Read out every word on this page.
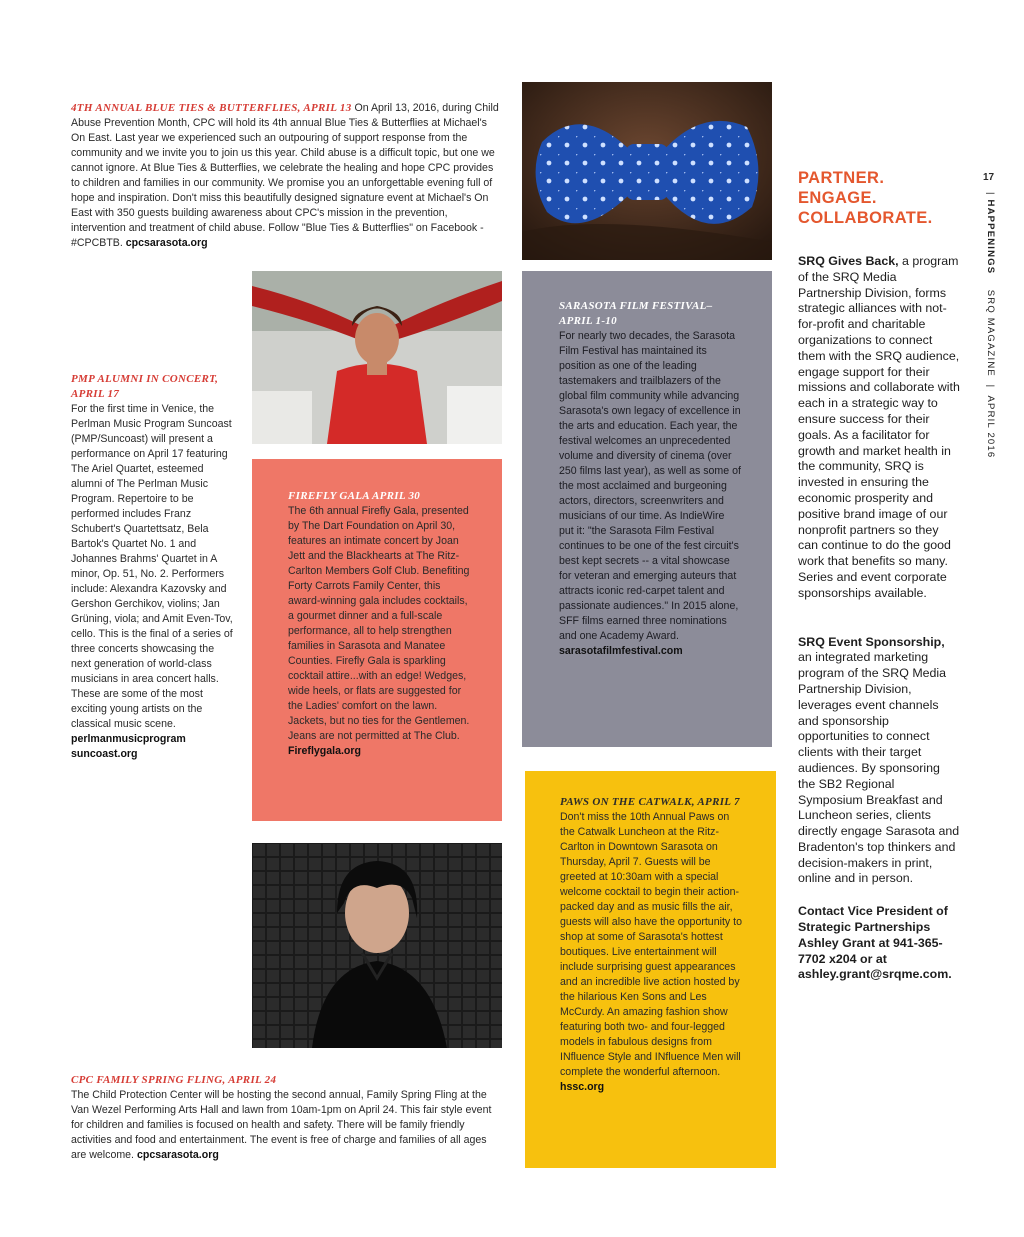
4TH ANNUAL BLUE TIES & BUTTERFLIES, APRIL 13 On April 13, 2016, during Child Abuse Prevention Month, CPC will hold its 4th annual Blue Ties & Butterflies at Michael's On East. Last year we experienced such an outpouring of support response from the community and we invite you to join us this year. Child abuse is a difficult topic, but one we cannot ignore. At Blue Ties & Butterflies, we celebrate the healing and hope CPC provides to children and families in our community. We promise you an unforgettable evening full of hope and inspiration. Don't miss this beautifully designed signature event at Michael's On East with 350 guests building awareness about CPC's mission in the prevention, intervention and treatment of child abuse. Follow "Blue Ties & Butterflies" on Facebook - #CPCBTB. cpcsarasota.org
PMP ALUMNI IN CONCERT, APRIL 17
For the first time in Venice, the Perlman Music Program Suncoast (PMP/Suncoast) will present a performance on April 17 featuring The Ariel Quartet, esteemed alumni of The Perlman Music Program. Repertoire to be performed includes Franz Schubert's Quartettsatz, Bela Bartok's Quartet No. 1 and Johannes Brahms' Quartet in A minor, Op. 51, No. 2. Performers include: Alexandra Kazovsky and Gershon Gerchikov, violins; Jan Grüning, viola; and Amit Even-Tov, cello. This is the final of a series of three concerts showcasing the next generation of world-class musicians in area concert halls. These are some of the most exciting young artists on the classical music scene.
perlmanmusicprogram suncoast.org
FIREFLY GALA APRIL 30
The 6th annual Firefly Gala, presented by The Dart Foundation on April 30, features an intimate concert by Joan Jett and the Blackhearts at The Ritz-Carlton Members Golf Club. Benefiting Forty Carrots Family Center, this award-winning gala includes cocktails, a gourmet dinner and a full-scale performance, all to help strengthen families in Sarasota and Manatee Counties. Firefly Gala is sparkling cocktail attire...with an edge! Wedges, wide heels, or flats are suggested for the Ladies' comfort on the lawn. Jackets, but no ties for the Gentlemen. Jeans are not permitted at The Club. Fireflygala.org
SARASOTA FILM FESTIVAL–APRIL 1-10
For nearly two decades, the Sarasota Film Festival has maintained its position as one of the leading tastemakers and trailblazers of the global film community while advancing Sarasota's own legacy of excellence in the arts and education. Each year, the festival welcomes an unprecedented volume and diversity of cinema (over 250 films last year), as well as some of the most acclaimed and burgeoning actors, directors, screenwriters and musicians of our time. As IndieWire put it: "the Sarasota Film Festival continues to be one of the fest circuit's best kept secrets -- a vital showcase for veteran and emerging auteurs that attracts iconic red-carpet talent and passionate audiences." In 2015 alone, SFF films earned three nominations and one Academy Award.
sarasotafilmfestival.com
PAWS ON THE CATWALK, APRIL 7 Don't miss the 10th Annual Paws on the Catwalk Luncheon at the Ritz-Carlton in Downtown Sarasota on Thursday, April 7. Guests will be greeted at 10:30am with a special welcome cocktail to begin their action-packed day and as music fills the air, guests will also have the opportunity to shop at some of Sarasota's hottest boutiques. Live entertainment will include surprising guest appearances and an incredible live action hosted by the hilarious Ken Sons and Les McCurdy. An amazing fashion show featuring both two- and four-legged models in fabulous designs from INfluence Style and INfluence Men will complete the wonderful afternoon. hssc.org
CPC FAMILY SPRING FLING, APRIL 24
The Child Protection Center will be hosting the second annual, Family Spring Fling at the Van Wezel Performing Arts Hall and lawn from 10am-1pm on April 24. This fair style event for children and families is focused on health and safety. There will be family friendly activities and food and entertainment. The event is free of charge and families of all ages are welcome. cpcsarasota.org
PARTNER.
ENGAGE.
COLLABORATE.
SRQ Gives Back, a program of the SRQ Media Partnership Division, forms strategic alliances with not-for-profit and charitable organizations to connect them with the SRQ audience, engage support for their missions and collaborate with each in a strategic way to ensure success for their goals. As a facilitator for growth and market health in the community, SRQ is invested in ensuring the economic prosperity and positive brand image of our nonprofit partners so they can continue to do the good work that benefits so many. Series and event corporate sponsorships available.
SRQ Event Sponsorship, an integrated marketing program of the SRQ Media Partnership Division, leverages event channels and sponsorship opportunities to connect clients with their target audiences. By sponsoring the SB2 Regional Symposium Breakfast and Luncheon series, clients directly engage Sarasota and Bradenton's top thinkers and decision-makers in print, online and in person.
Contact Vice President of Strategic Partnerships Ashley Grant at 941-365-7702 x204 or at ashley.grant@srqme.com.
17
| HAPPENINGS    SRQ MAGAZINE  |  APRIL 2016
